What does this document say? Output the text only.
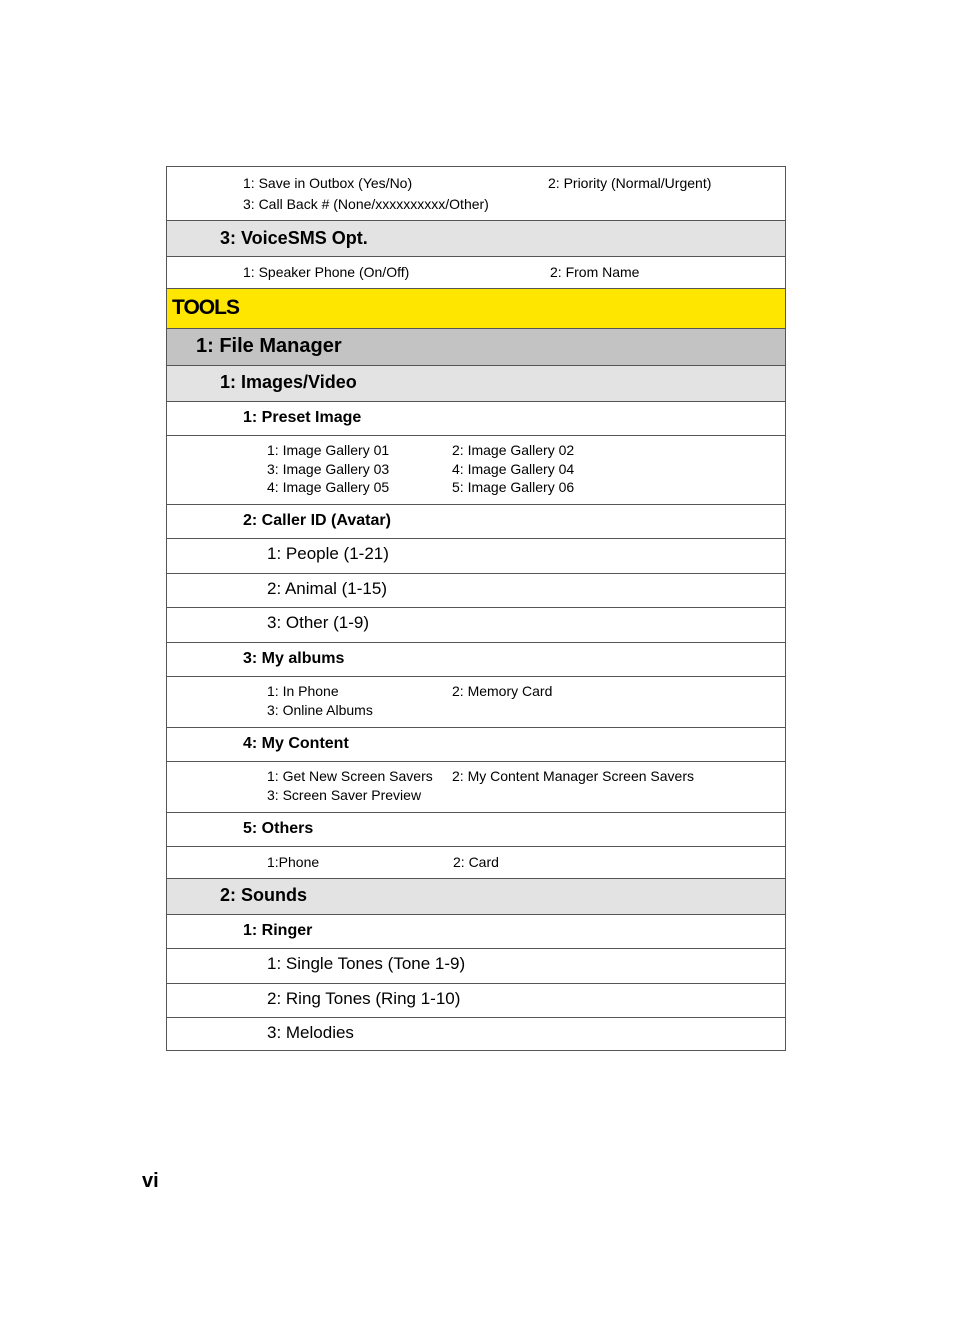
1: Save in Outbox (Yes/No)	2: Priority (Normal/Urgent)
3: Call Back # (None/xxxxxxxxxx/Other)
3: VoiceSMS Opt.
1: Speaker Phone (On/Off)	2: From Name
TOOLS
1: File Manager
1: Images/Video
1: Preset Image
1: Image Gallery 01	2: Image Gallery 02
3: Image Gallery 03	4: Image Gallery 04
4: Image Gallery 05	5: Image Gallery 06
2: Caller ID (Avatar)
1: People (1-21)
2: Animal (1-15)
3: Other (1-9)
3: My albums
1: In Phone	2: Memory Card
3: Online Albums
4: My Content
1: Get New Screen Savers 2: My Content Manager Screen Savers
3: Screen Saver Preview
5: Others
1:Phone	2: Card
2: Sounds
1: Ringer
1: Single Tones (Tone 1-9)
2: Ring Tones (Ring 1-10)
3: Melodies
vi
